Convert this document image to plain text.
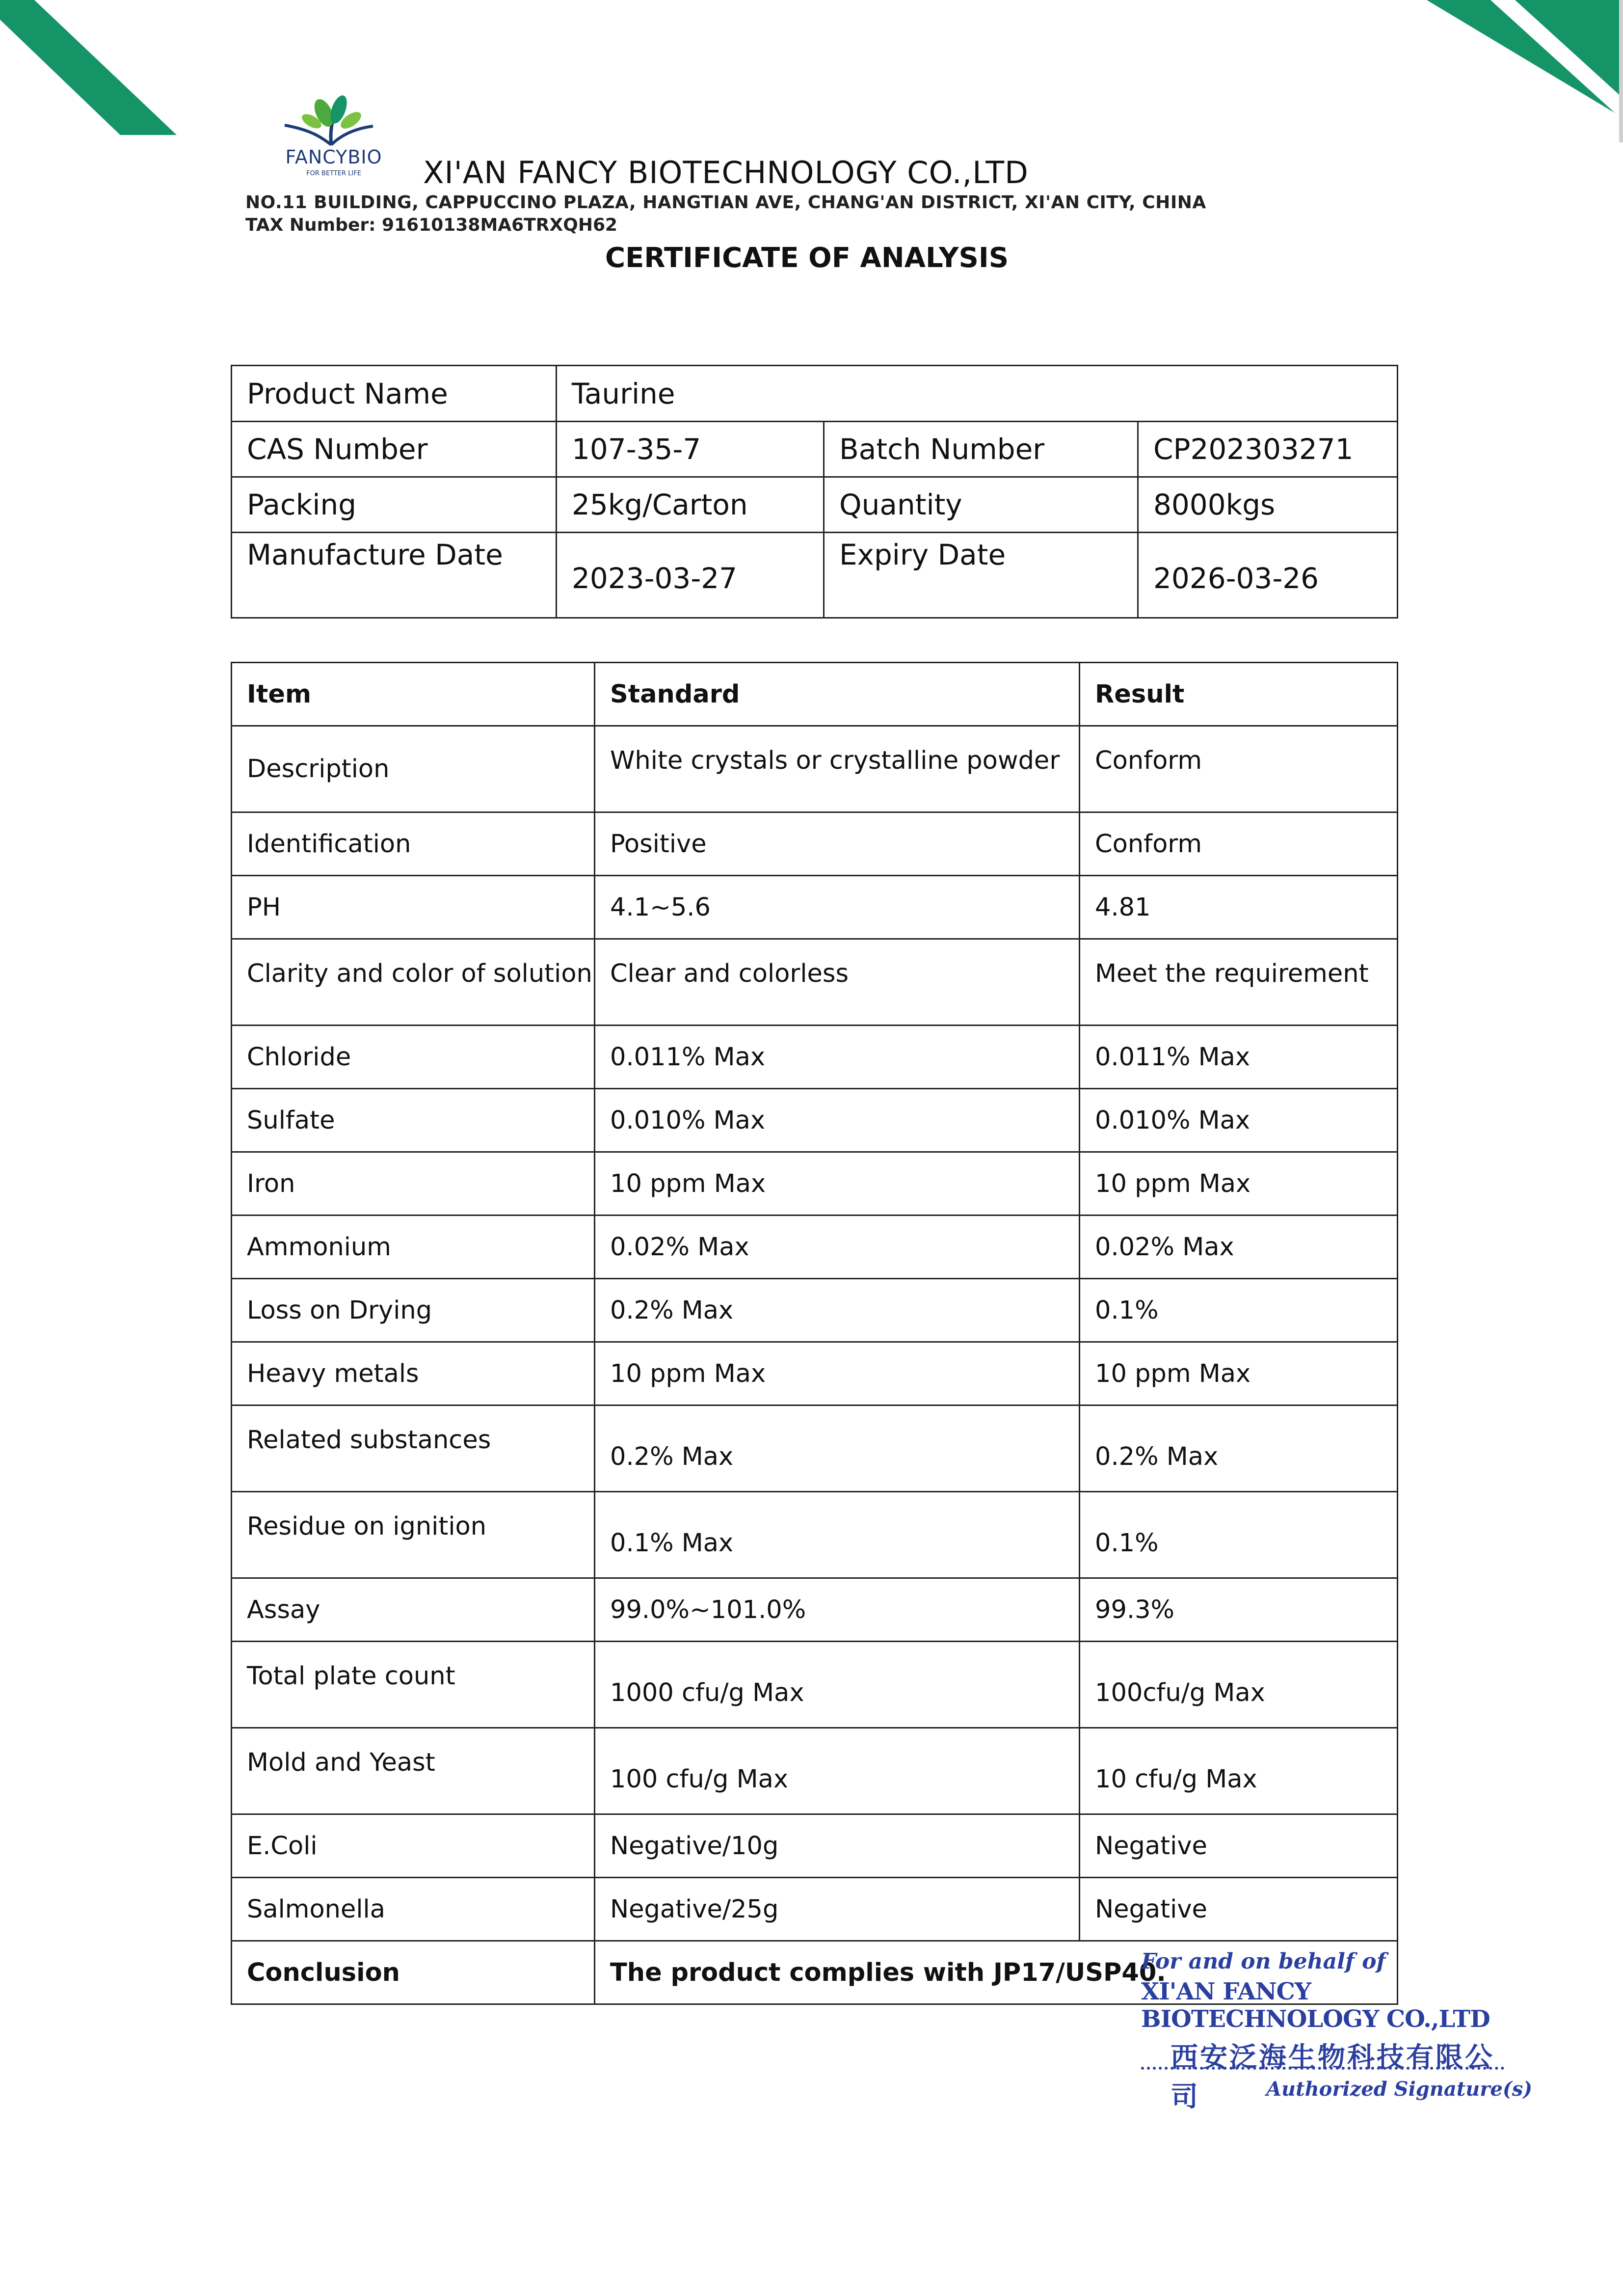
FANCYBIO
FOR BETTER LIFE	XI'AN FANCY BIOTECHNOLOGY CO.,LTD
NO.11 BUILDING, CAPPUCCINO PLAZA, HANGTIAN AVE, CHANG'AN DISTRICT, XI'AN CITY, CHINA
TAX Number: 91610138MA6TRXQH62
CERTIFICATE OF ANALYSIS
Product Name	Taurine		
CAS Number	107-35-7	Batch Number	CP202303271
Packing	25kg/Carton	Quantity	8000kgs
Manufacture Date	2023-03-27	Expiry Date	2026-03-26
Item	Standard	Result
Description	White crystals or crystalline powder	Conform
Identification	Positive	Conform
PH	4.1~5.6	4.81
Clarity and color of solution	Clear and colorless	Meet the requirement
Chloride	0.011% Max	0.011% Max
Sulfate	0.010% Max	0.010% Max
Iron	10 ppm Max	10 ppm Max
Ammonium	0.02% Max	0.02% Max
Loss on Drying	0.2% Max	0.1%
Heavy metals	10 ppm Max	10 ppm Max
Related substances	0.2% Max	0.2% Max
Residue on ignition	0.1% Max	0.1%
Assay	99.0%~101.0%	99.3%
Total plate count	1000 cfu/g Max	100cfu/g Max
Mold and Yeast	100 cfu/g Max	10 cfu/g Max
E.Coli	Negative/10g	Negative
Salmonella	Negative/25g	Negative
Conclusion	The product complies with JP17/USP40.	
For and on behalf of
XI'AN FANCY BIOTECHNOLOGY CO.,LTD
西安泛海生物科技有限公司	Authorized Signature(s)
